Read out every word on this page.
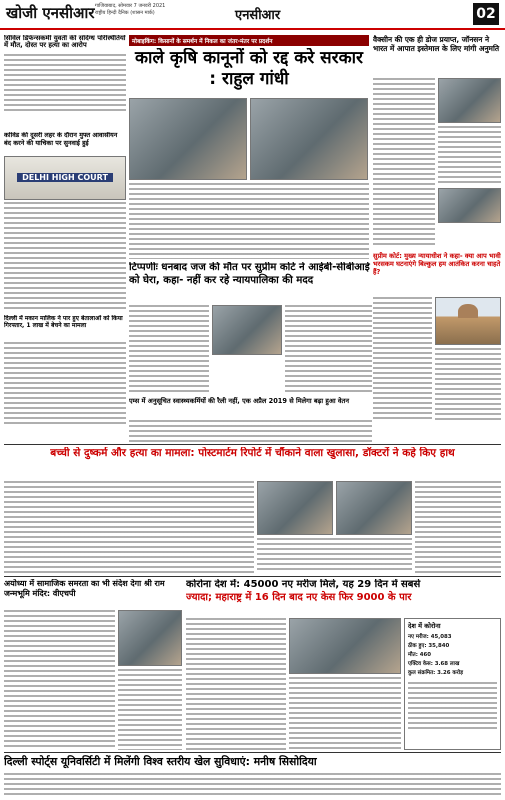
खोजी एनसीआर गाजियाबाद, सोमवार 7 जनवरी 2021
राष्ट्रीय हिन्दी दैनिक (शासन मार्क)	एनसीआर	02
सिविल डिफेन्सकर्मी युवती की संदिग्ध परिस्थितियों में मौत, दोस्त पर हत्या का आरोप	मोबाइकिंग: किसानों के समर्थन में निकल का जंतर-मंतर पर प्रदर्शन
काले कृषि कानूनों को रद्द करे सरकार : राहुल गांधी
वैक्सीन की एक ही डोज प्रयाप्त, जॉनसन ने भारत में आपात इस्तेमाल के लिए मांगी अनुमति
कोविड की दूसरी लहर के दौरान मुफ्त आवासीयन बंद करने की याचिका पर सुनवाई हुई
DELHI HIGH COURT
टिप्पणीः धनबाद जज की मौत पर सुप्रीम कोर्ट ने आईबी-सीबीआई को घेरा, कहा- नहीं कर रहे न्यायपालिका की मदद
सुप्रीम कोर्ट: मुख्य न्यायाधीश ने कहा- क्या आप भावी भरसकम घटनाएंगे बिल्कुल हम आतंकित करना चाहते हैं?
दिल्ली में मकान मालिक ने पार हुए बेतालाओं को किया गिरफ्तार, 1 लाख में बेचने का मामला
एम्स में अनुसूचित स्वास्थ्यकर्मियों की रैली नहीं, एक अप्रैल 2019 से मिलेगा बढ़ा हुआ वेतन
बच्ची से दुष्कर्म और हत्या का मामला: पोस्टमार्टम रिपोर्ट में चौंकाने वाला खुलासा, डॉक्टरों ने कहे किए हाथ
अयोध्या में सामाजिक समरता का भी संदेश देगा श्री राम जन्मभूमि मंदिर: वीएचपी
कोरोना देश में: 45000 नए मरीज मिले, यह 29 दिन में सबसे
ज्यादा; महाराष्ट्र में 16 दिन बाद नए केस फिर 9000 के पार
देश में कोरोना
नए मरीज: 45,083
ठीक हुए: 35,840
मौत: 460
एक्टिव केस: 3.68 लाख
कुल संक्रमित: 3.26 करोड़
दिल्ली स्पोर्ट्स यूनिवर्सिटी में मिलेंगी विश्व स्तरीय खेल सुविधाएं: मनीष सिसोदिया
